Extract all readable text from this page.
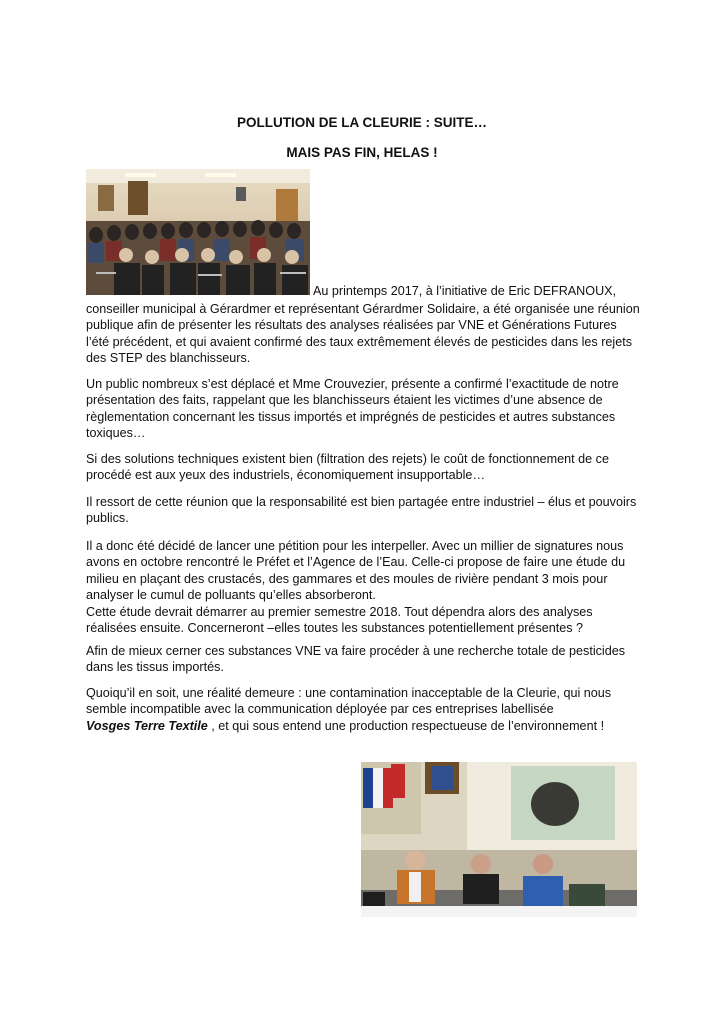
POLLUTION DE LA CLEURIE : SUITE…
MAIS PAS FIN, HELAS !
Au printemps 2017, à l’initiative de Eric DEFRANOUX,

conseiller municipal à Gérardmer et représentant Gérardmer Solidaire, a été organisée une réunion publique afin de présenter les résultats des analyses réalisées par VNE et Générations Futures l’été précédent, et qui avaient confirmé des taux extrêmement élevés de pesticides dans les rejets des STEP des blanchisseurs.

Un public nombreux s’est déplacé et Mme Crouvezier, présente a confirmé l’exactitude de notre présentation des faits, rappelant que les blanchisseurs étaient les victimes d’une absence de règlementation concernant les tissus importés et imprégnés de pesticides et autres substances toxiques…
Si des solutions techniques existent bien (filtration des rejets) le coût de fonctionnement de ce procédé est aux yeux des industriels, économiquement insupportable…
Il ressort de cette réunion que la responsabilité est bien partagée entre industriel – élus et pouvoirs publics.

Il a donc été décidé de lancer une pétition pour les interpeller. Avec un millier de signatures nous avons en octobre rencontré le Préfet et l’Agence de l’Eau. Celle-ci propose de faire une étude du milieu en plaçant des crustacés, des gammares et des moules de rivière pendant 3 mois pour analyser le cumul de polluants qu’elles absorberont.

Cette étude devrait démarrer au premier semestre 2018. Tout dépendra alors des analyses réalisées ensuite. Concerneront –elles toutes les substances potentiellement présentes ?

Afin de mieux cerner ces substances VNE va faire procéder à une recherche totale de pesticides dans les tissus importés.
Quoiqu’il en soit, une réalité demeure : une contamination inacceptable de la Cleurie, qui nous semble incompatible avec la communication déployée par ces entreprises labellisée
Vosges Terre Textile , et qui sous entend une production respectueuse de l’environnement !
